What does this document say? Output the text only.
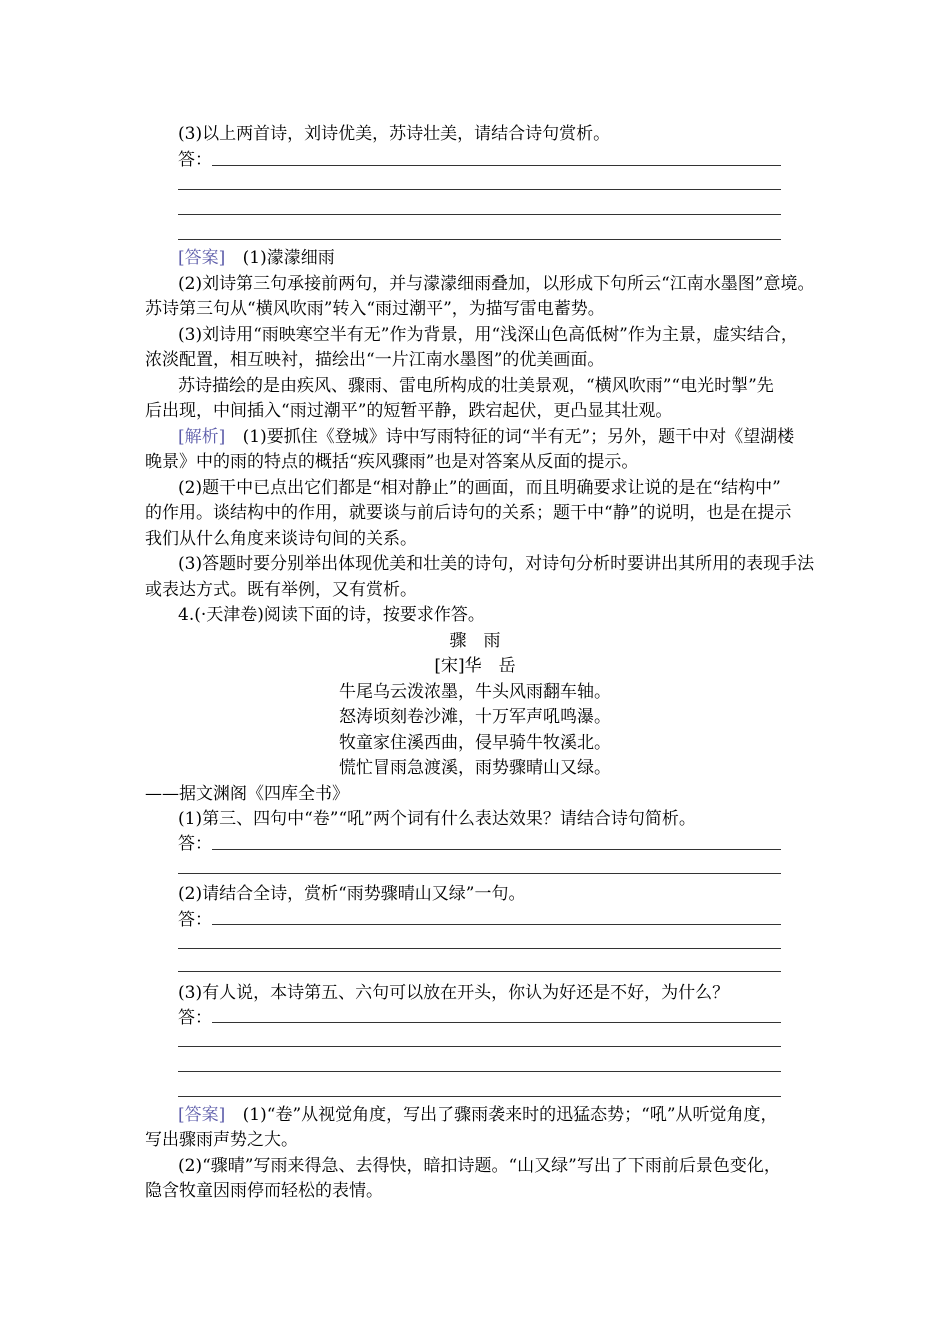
(3)以上两首诗，刘诗优美，苏诗壮美，请结合诗句赏析。
答：
[答案] (1)濛濛细雨
(2)刘诗第三句承接前两句，并与濛濛细雨叠加，以形成下句所云“江南水墨图”意境。
苏诗第三句从“横风吹雨”转入“雨过潮平”，为描写雷电蓄势。
(3)刘诗用“雨映寒空半有无”作为背景，用“浅深山色高低树”作为主景，虚实结合，
浓淡配置，相互映衬，描绘出“一片江南水墨图”的优美画面。
苏诗描绘的是由疾风、骤雨、雷电所构成的壮美景观，“横风吹雨”“电光时掣”先
后出现，中间插入“雨过潮平”的短暂平静，跌宕起伏，更凸显其壮观。
[解析] (1)要抓住《登城》诗中写雨特征的词“半有无”；另外，题干中对《望湖楼
晚景》中的雨的特点的概括“疾风骤雨”也是对答案从反面的提示。
(2)题干中已点出它们都是“相对静止”的画面，而且明确要求让说的是在“结构中”
的作用。谈结构中的作用，就要谈与前后诗句的关系；题干中“静”的说明，也是在提示
我们从什么角度来谈诗句间的关系。
(3)答题时要分别举出体现优美和壮美的诗句，对诗句分析时要讲出其所用的表现手法
或表达方式。既有举例，又有赏析。
4.(·天津卷)阅读下面的诗，按要求作答。
骤　雨
[宋]华　岳
牛尾乌云泼浓墨，牛头风雨翻车轴。
怒涛顷刻卷沙滩，十万军声吼鸣瀑。
牧童家住溪西曲，侵早骑牛牧溪北。
慌忙冒雨急渡溪，雨势骤晴山又绿。
——据文渊阁《四库全书》
(1)第三、四句中“卷”“吼”两个词有什么表达效果？请结合诗句简析。
答：
(2)请结合全诗，赏析“雨势骤晴山又绿”一句。
答：
(3)有人说，本诗第五、六句可以放在开头，你认为好还是不好，为什么？
答：
[答案] (1)“卷”从视觉角度，写出了骤雨袭来时的迅猛态势；“吼”从听觉角度，
写出骤雨声势之大。
(2)“骤晴”写雨来得急、去得快，暗扣诗题。“山又绿”写出了下雨前后景色变化，
隐含牧童因雨停而轻松的表情。
